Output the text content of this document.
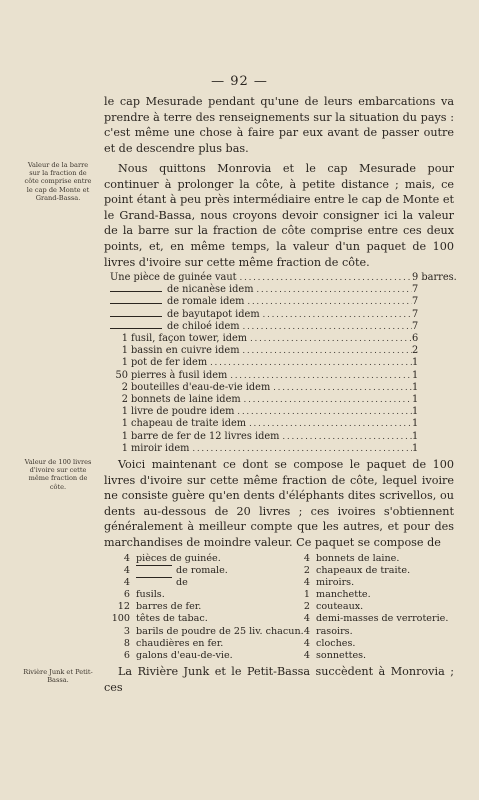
— 92 —
le cap Mesurade pendant qu'une de leurs embarcations va prendre à terre des renseignements sur la situation du pays : c'est même une chose à faire par eux avant de passer outre et de descendre plus bas.
Valeur de la barre sur la fraction de côte comprise entre le cap de Monte et Grand-Bassa.
Nous quittons Monrovia et le cap Mesurade pour continuer à prolonger la côte, à petite distance ; mais, ce point étant à peu près intermédiaire entre le cap de Monte et le Grand-Bassa, nous croyons devoir consigner ici la valeur de la barre sur la fraction de côte comprise entre ces deux points, et, en même temps, la valeur d'un paquet de 100 livres d'ivoire sur cette même fraction de côte.
Une pièce de guinée vaut .....	9 barres.
de nicanèse idem .....	7
de romale idem .....	7
de bayutapot idem .....	7
de chiloé idem .....	7
1 fusil, façon tower, idem .....	6
1 bassin en cuivre idem .....	2
1 pot de fer idem .....	1
50 pierres à fusil idem .....	1
2 bouteilles d'eau-de-vie idem .....	1
2 bonnets de laine idem .....	1
1 livre de poudre idem .....	1
1 chapeau de traite idem .....	1
1 barre de fer de 12 livres idem .....	1
1 miroir idem .....	1
Valeur de 100 livres d'ivoire sur cette même fraction de côte.
Voici maintenant ce dont se compose le paquet de 100 livres d'ivoire sur cette même fraction de côte, lequel ivoire ne consiste guère qu'en dents d'éléphants dites scrivellos, ou dents au-dessous de 20 livres ; ces ivoires s'obtiennent généralement à meilleur compte que les autres, et pour des marchandises de moindre valeur. Ce paquet se compose de
4 pièces de guinée.
4	de romale.
4	de
6 fusils.
12 barres de fer.
100 têtes de tabac.
3 barils de poudre de 25 liv. chacun.
8 chaudières en fer.
6 galons d'eau-de-vie.
4 bonnets de laine.
2 chapeaux de traite.
4 miroirs.
1 manchette.
2 couteaux.
4 demi-masses de verroterie.
4 rasoirs.
4 cloches.
4 sonnettes.
Rivière Junk et Petit-Bassa.
La Rivière Junk et le Petit-Bassa succèdent à Monrovia ; ces
